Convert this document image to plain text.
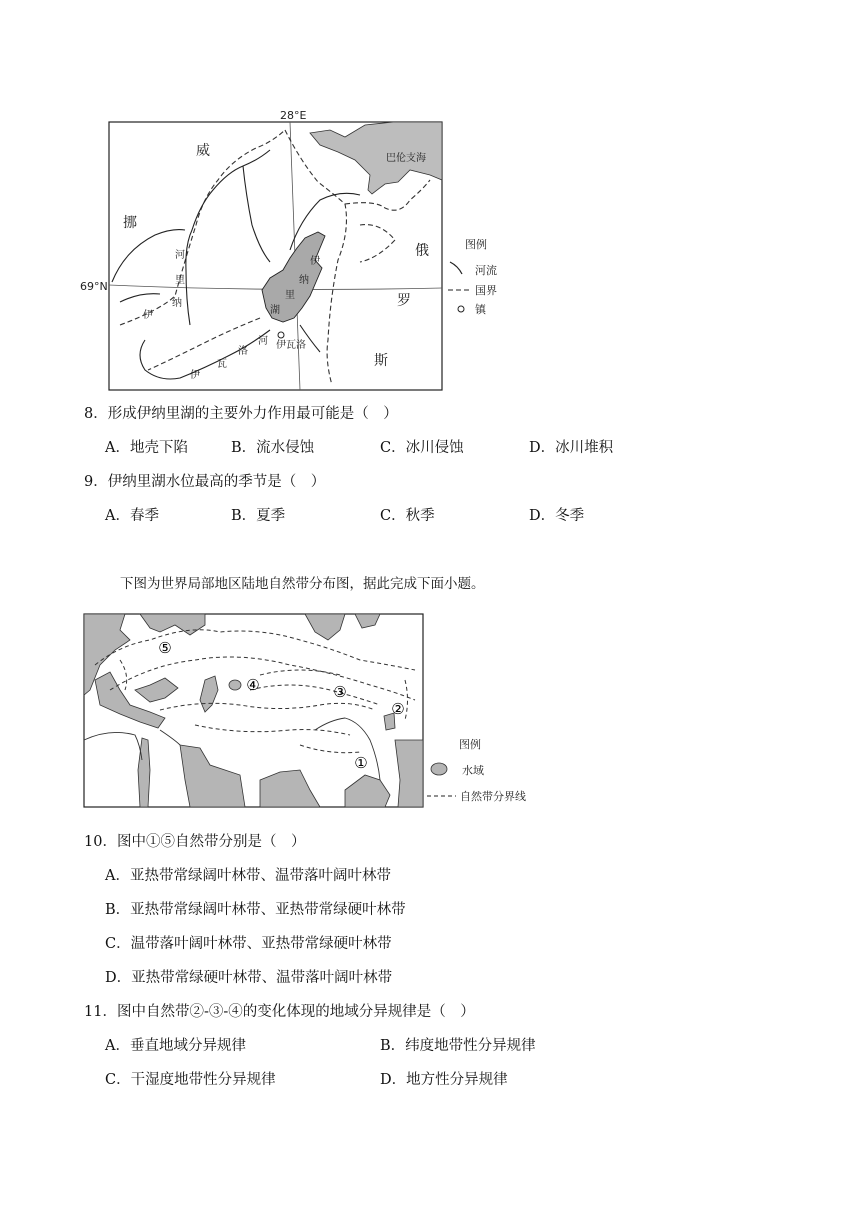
28°E
69°N
巴伦支海
威
挪
俄
罗
斯
河
里
纳
伊
伊
瓦
洛
河
伊
纳
里
湖
伊瓦洛
图例
河流
国界
镇
8．形成伊纳里湖的主要外力作用最可能是（　）
A．地壳下陷	B．流水侵蚀	C．冰川侵蚀	D．冰川堆积
9．伊纳里湖水位最高的季节是（　）
A．春季	B．夏季	C．秋季	D．冬季
下图为世界局部地区陆地自然带分布图，据此完成下面小题。
⑤
④	③
②
①
图例
水域
自然带分界线
10．图中①⑤自然带分别是（　）
A．亚热带常绿阔叶林带、温带落叶阔叶林带
B．亚热带常绿阔叶林带、亚热带常绿硬叶林带
C．温带落叶阔叶林带、亚热带常绿硬叶林带
D．亚热带常绿硬叶林带、温带落叶阔叶林带
11．图中自然带②-③-④的变化体现的地域分异规律是（　）
A．垂直地域分异规律	B．纬度地带性分异规律
C．干湿度地带性分异规律	D．地方性分异规律
